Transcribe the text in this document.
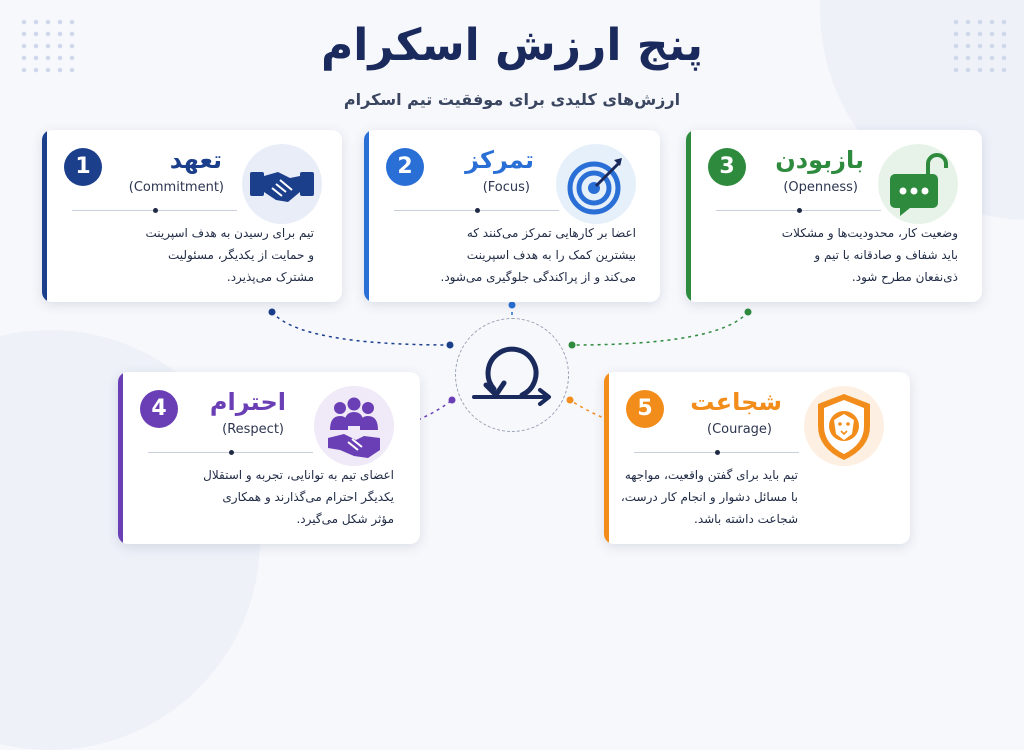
پنج ارزش اسکرام
ارزش‌های کلیدی برای موفقیت تیم اسکرام
1	تعهد
(Commitment)
تیم برای رسیدن به هدف اسپرینت
و حمایت از یکدیگر، مسئولیت
مشترک می‌پذیرد.
2	تمرکز
(Focus)
اعضا بر کارهایی تمرکز می‌کنند که
بیشترین کمک را به هدف اسپرینت
می‌کند و از پراکندگی جلوگیری می‌شود.
3	بازبودن
(Openness)
وضعیت کار، محدودیت‌ها و مشکلات
باید شفاف و صادقانه با تیم و
ذی‌نفعان مطرح شود.
4	احترام
(Respect)
اعضای تیم به توانایی، تجربه و استقلال
یکدیگر احترام می‌گذارند و همکاری
مؤثر شکل می‌گیرد.
5	شجاعت
(Courage)
تیم باید برای گفتن واقعیت، مواجهه
با مسائل دشوار و انجام کار درست،
شجاعت داشته باشد.
